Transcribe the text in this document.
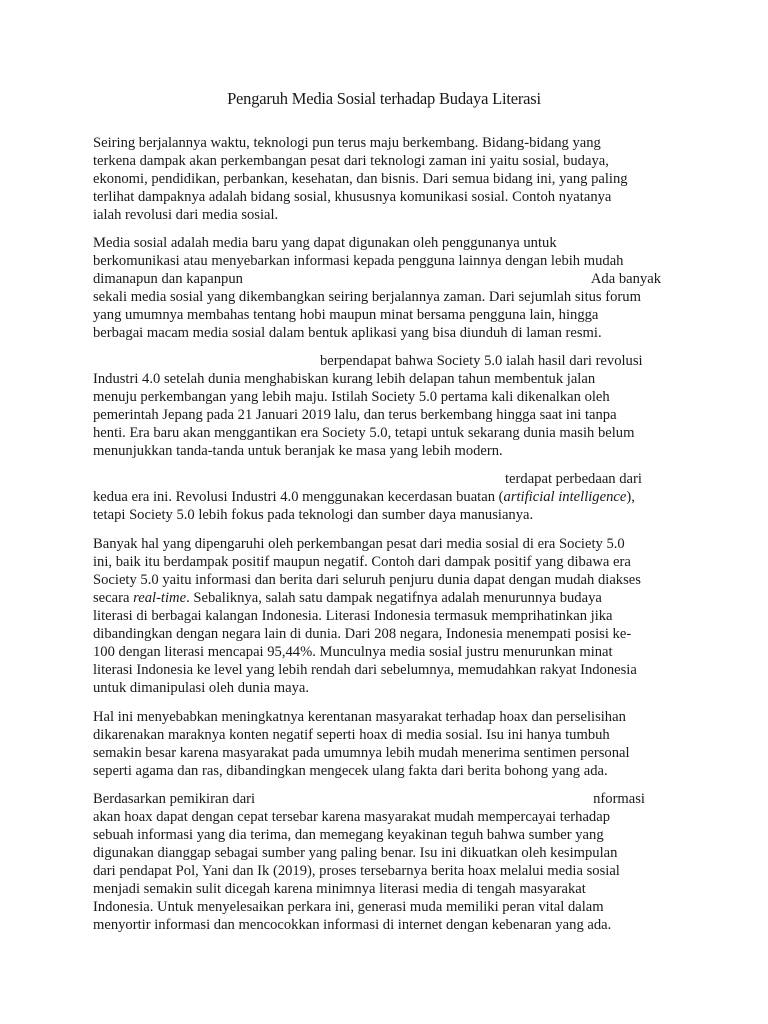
Pengaruh Media Sosial terhadap Budaya Literasi
Seiring berjalannya waktu, teknologi pun terus maju berkembang. Bidang-bidang yang
terkena dampak akan perkembangan pesat dari teknologi zaman ini yaitu sosial, budaya,
ekonomi, pendidikan, perbankan, kesehatan, dan bisnis. Dari semua bidang ini, yang paling
terlihat dampaknya adalah bidang sosial, khususnya komunikasi sosial. Contoh nyatanya
ialah revolusi dari media sosial.
Media sosial adalah media baru yang dapat digunakan oleh penggunanya untuk
berkomunikasi atau menyebarkan informasi kepada pengguna lainnya dengan lebih mudah
dimanapun dan kapanpun	Ada banyak
sekali media sosial yang dikembangkan seiring berjalannya zaman. Dari sejumlah situs forum
yang umumnya membahas tentang hobi maupun minat bersama pengguna lain, hingga
berbagai macam media sosial dalam bentuk aplikasi yang bisa diunduh di laman resmi.
berpendapat bahwa Society 5.0 ialah hasil dari revolusi
Industri 4.0 setelah dunia menghabiskan kurang lebih delapan tahun membentuk jalan
menuju perkembangan yang lebih maju. Istilah Society 5.0 pertama kali dikenalkan oleh
pemerintah Jepang pada 21 Januari 2019 lalu, dan terus berkembang hingga saat ini tanpa
henti. Era baru akan menggantikan era Society 5.0, tetapi untuk sekarang dunia masih belum
menunjukkan tanda-tanda untuk beranjak ke masa yang lebih modern.
terdapat perbedaan dari
kedua era ini. Revolusi Industri 4.0 menggunakan kecerdasan buatan (artificial intelligence),
tetapi Society 5.0 lebih fokus pada teknologi dan sumber daya manusianya.
Banyak hal yang dipengaruhi oleh perkembangan pesat dari media sosial di era Society 5.0
ini, baik itu berdampak positif maupun negatif. Contoh dari dampak positif yang dibawa era
Society 5.0 yaitu informasi dan berita dari seluruh penjuru dunia dapat dengan mudah diakses
secara real-time. Sebaliknya, salah satu dampak negatifnya adalah menurunnya budaya
literasi di berbagai kalangan Indonesia. Literasi Indonesia termasuk memprihatinkan jika
dibandingkan dengan negara lain di dunia. Dari 208 negara, Indonesia menempati posisi ke-
100 dengan literasi mencapai 95,44%. Munculnya media sosial justru menurunkan minat
literasi Indonesia ke level yang lebih rendah dari sebelumnya, memudahkan rakyat Indonesia
untuk dimanipulasi oleh dunia maya.
Hal ini menyebabkan meningkatnya kerentanan masyarakat terhadap hoax dan perselisihan
dikarenakan maraknya konten negatif seperti hoax di media sosial. Isu ini hanya tumbuh
semakin besar karena masyarakat pada umumnya lebih mudah menerima sentimen personal
seperti agama dan ras, dibandingkan mengecek ulang fakta dari berita bohong yang ada.
Berdasarkan pemikiran dari	nformasi
akan hoax dapat dengan cepat tersebar karena masyarakat mudah mempercayai terhadap
sebuah informasi yang dia terima, dan memegang keyakinan teguh bahwa sumber yang
digunakan dianggap sebagai sumber yang paling benar. Isu ini dikuatkan oleh kesimpulan
dari pendapat Pol, Yani dan Ik (2019), proses tersebarnya berita hoax melalui media sosial
menjadi semakin sulit dicegah karena minimnya literasi media di tengah masyarakat
Indonesia. Untuk menyelesaikan perkara ini, generasi muda memiliki peran vital dalam
menyortir informasi dan mencocokkan informasi di internet dengan kebenaran yang ada.
